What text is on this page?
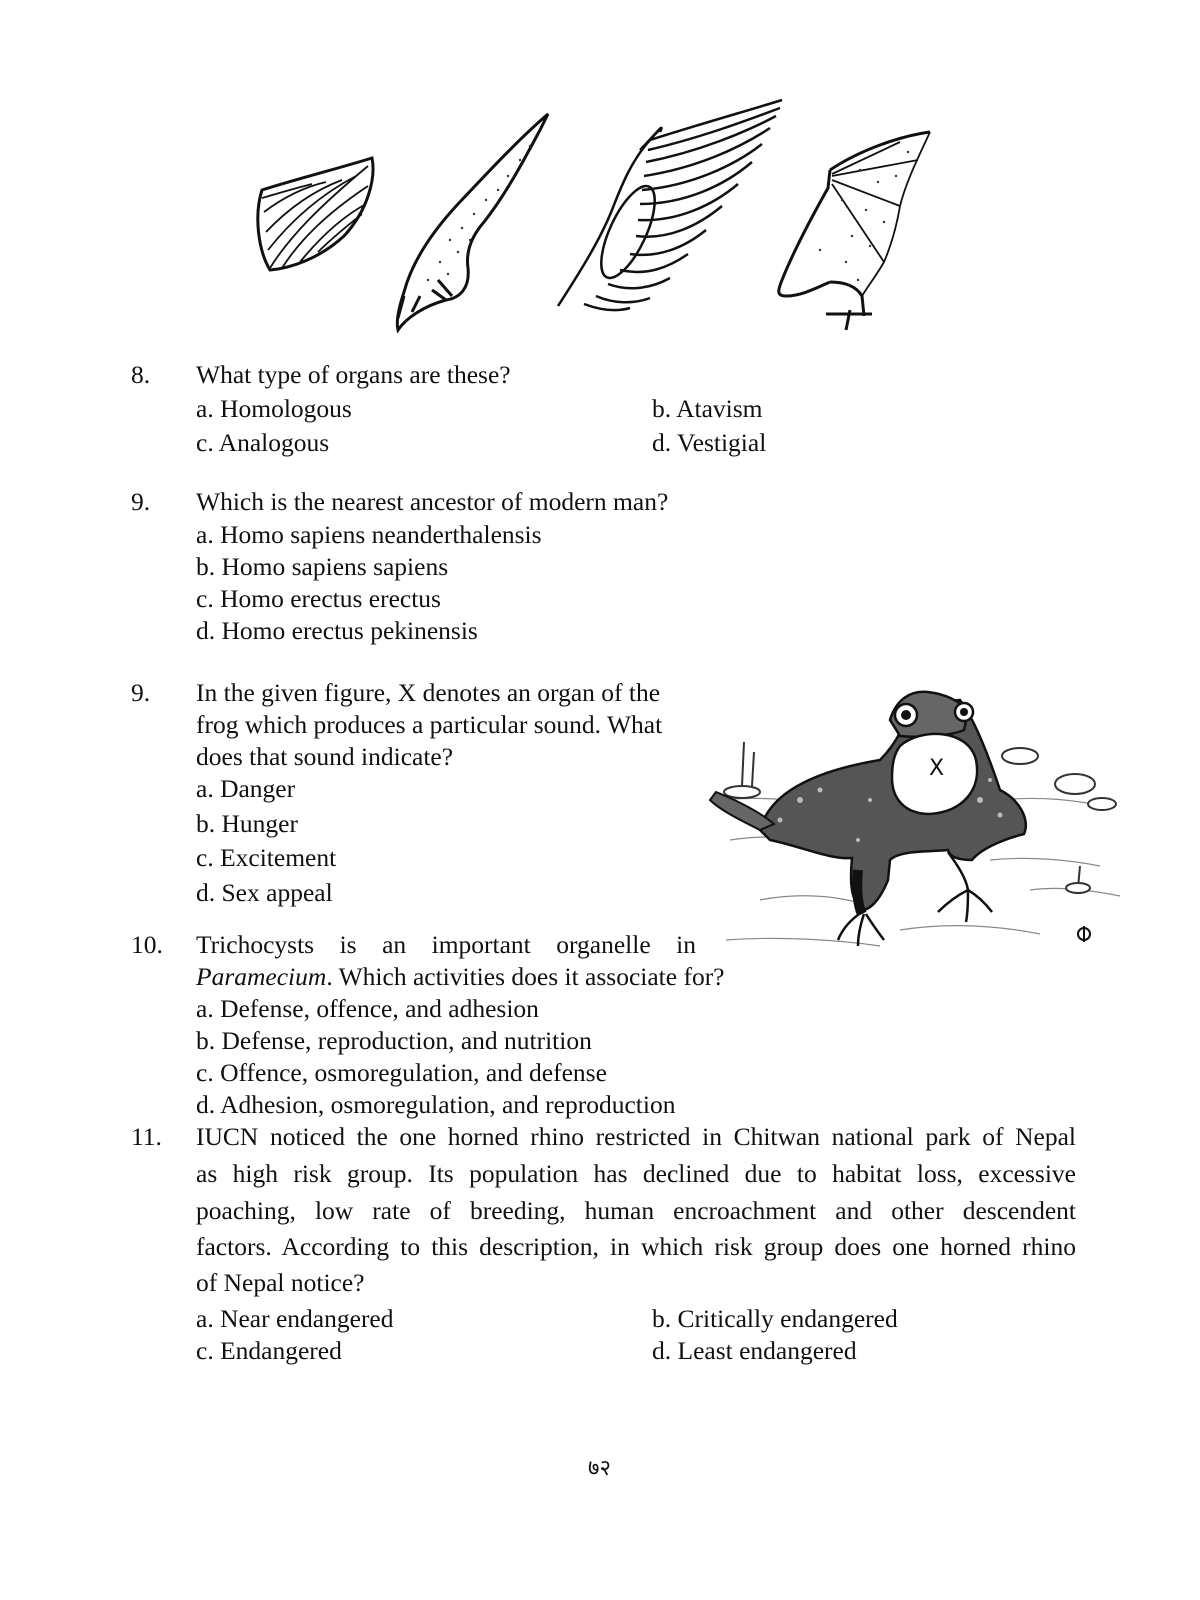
8. What type of organs are these?
a. Homologous	b. Atavism
c. Analogous	d. Vestigial
9. Which is the nearest ancestor of modern man?
a. Homo sapiens neanderthalensis
b. Homo sapiens sapiens
c. Homo erectus erectus
d. Homo erectus pekinensis
9. In the given figure, X denotes an organ of the
frog which produces a particular sound. What
does that sound indicate?
a. Danger
b. Hunger
c. Excitement
d. Sex appeal
X
10. Trichocysts is an important organelle in
Paramecium. Which activities does it associate for?
a. Defense, offence, and adhesion
b. Defense, reproduction, and nutrition
c. Offence, osmoregulation, and defense
d. Adhesion, osmoregulation, and reproduction
11. IUCN noticed the one horned rhino restricted in Chitwan national park of Nepal
as high risk group. Its population has declined due to habitat loss, excessive
poaching, low rate of breeding, human encroachment and other descendent
factors. According to this description, in which risk group does one horned rhino
of Nepal notice?
a. Near endangered	b. Critically endangered
c. Endangered	d. Least endangered
७२
